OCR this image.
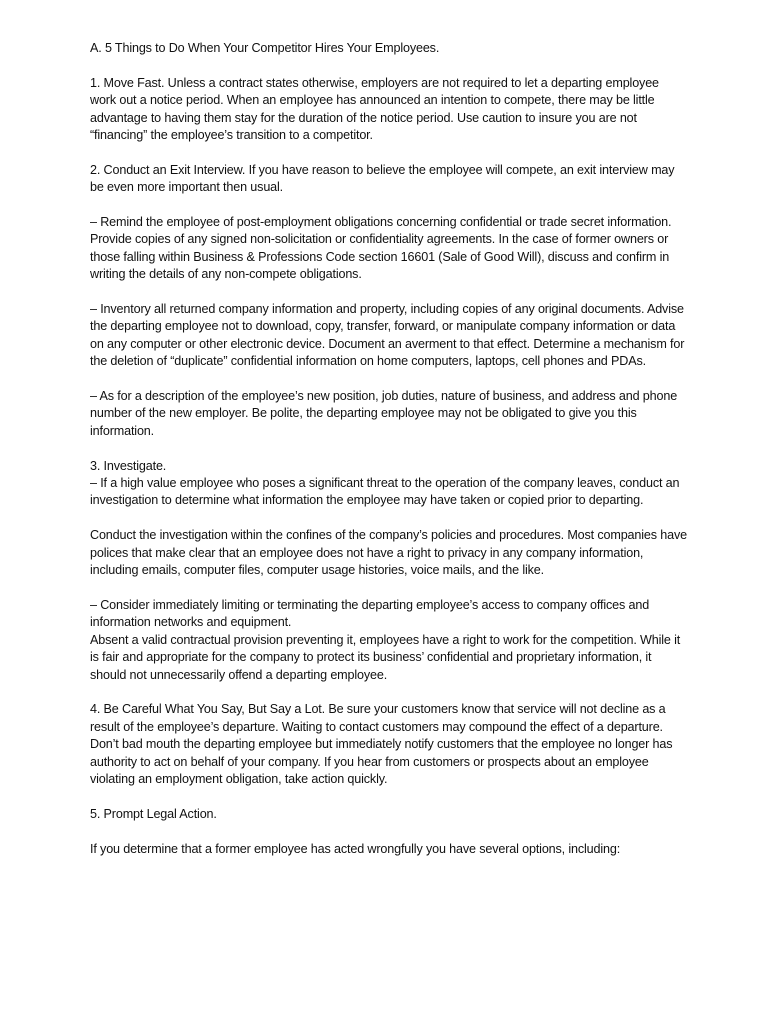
A. 5 Things to Do When Your Competitor Hires Your Employees.

1. Move Fast. Unless a contract states otherwise, employers are not required to let a departing employee work out a notice period. When an employee has announced an intention to compete, there may be little advantage to having them stay for the duration of the notice period. Use caution to insure you are not “financing” the employee’s transition to a competitor.

2. Conduct an Exit Interview. If you have reason to believe the employee will compete, an exit interview may be even more important then usual.

– Remind the employee of post-employment obligations concerning confidential or trade secret information. Provide copies of any signed non-solicitation or confidentiality agreements. In the case of former owners or those falling within Business & Professions Code section 16601 (Sale of Good Will), discuss and confirm in writing the details of any non-compete obligations.

– Inventory all returned company information and property, including copies of any original documents. Advise the departing employee not to download, copy, transfer, forward, or manipulate company information or data on any computer or other electronic device. Document an averment to that effect. Determine a mechanism for the deletion of “duplicate” confidential information on home computers, laptops, cell phones and PDAs.

– As for a description of the employee’s new position, job duties, nature of business, and address and phone number of the new employer. Be polite, the departing employee may not be obligated to give you this information.

3. Investigate.

– If a high value employee who poses a significant threat to the operation of the company leaves, conduct an investigation to determine what information the employee may have taken or copied prior to departing.

Conduct the investigation within the confines of the company’s policies and procedures. Most companies have polices that make clear that an employee does not have a right to privacy in any company information, including emails, computer files, computer usage histories, voice mails, and the like.

– Consider immediately limiting or terminating the departing employee’s access to company offices and information networks and equipment.

Absent a valid contractual provision preventing it, employees have a right to work for the competition. While it is fair and appropriate for the company to protect its business’ confidential and proprietary information, it should not unnecessarily offend a departing employee.

4. Be Careful What You Say, But Say a Lot. Be sure your customers know that service will not decline as a result of the employee’s departure. Waiting to contact customers may compound the effect of a departure. Don’t bad mouth the departing employee but immediately notify customers that the employee no longer has authority to act on behalf of your company. If you hear from customers or prospects about an employee violating an employment obligation, take action quickly.

5. Prompt Legal Action.

If you determine that a former employee has acted wrongfully you have several options, including:
